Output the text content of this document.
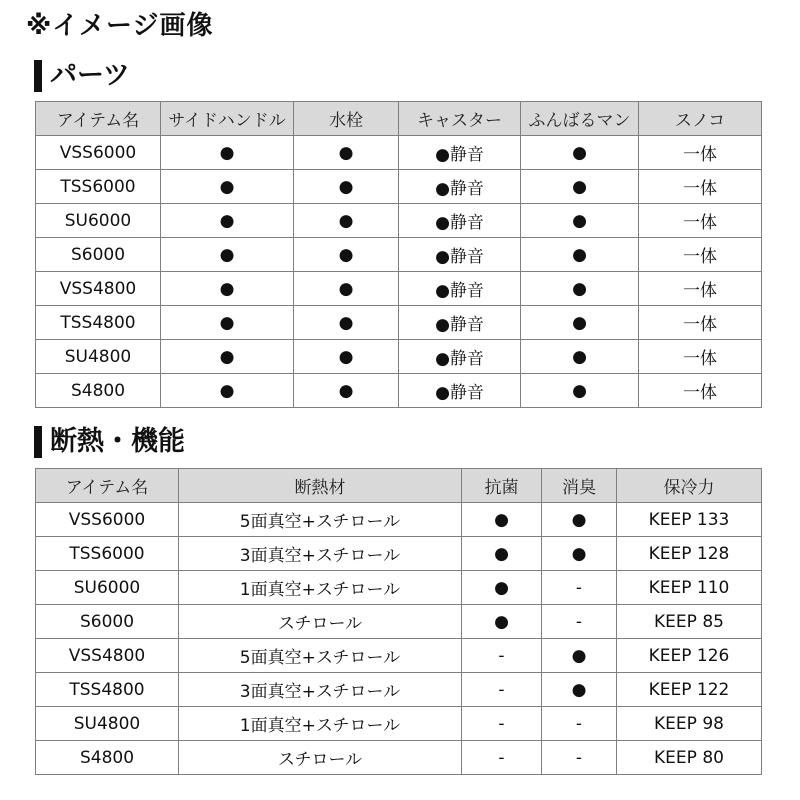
※イメージ画像
パーツ
アイテム名	サイドハンドル	水栓	キャスター	ふんばるマン	スノコ
VSS6000	●	●	●静音	●	一体
TSS6000	●	●	●静音	●	一体
SU6000	●	●	●静音	●	一体
S6000	●	●	●静音	●	一体
VSS4800	●	●	●静音	●	一体
TSS4800	●	●	●静音	●	一体
SU4800	●	●	●静音	●	一体
S4800	●	●	●静音	●	一体
断熱・機能
アイテム名	断熱材	抗菌	消臭	保冷力
VSS6000	5面真空+スチロール	●	●	KEEP 133
TSS6000	3面真空+スチロール	●	●	KEEP 128
SU6000	1面真空+スチロール	●	-	KEEP 110
S6000	スチロール	●	-	KEEP 85
VSS4800	5面真空+スチロール	-	●	KEEP 126
TSS4800	3面真空+スチロール	-	●	KEEP 122
SU4800	1面真空+スチロール	-	-	KEEP 98
S4800	スチロール	-	-	KEEP 80
